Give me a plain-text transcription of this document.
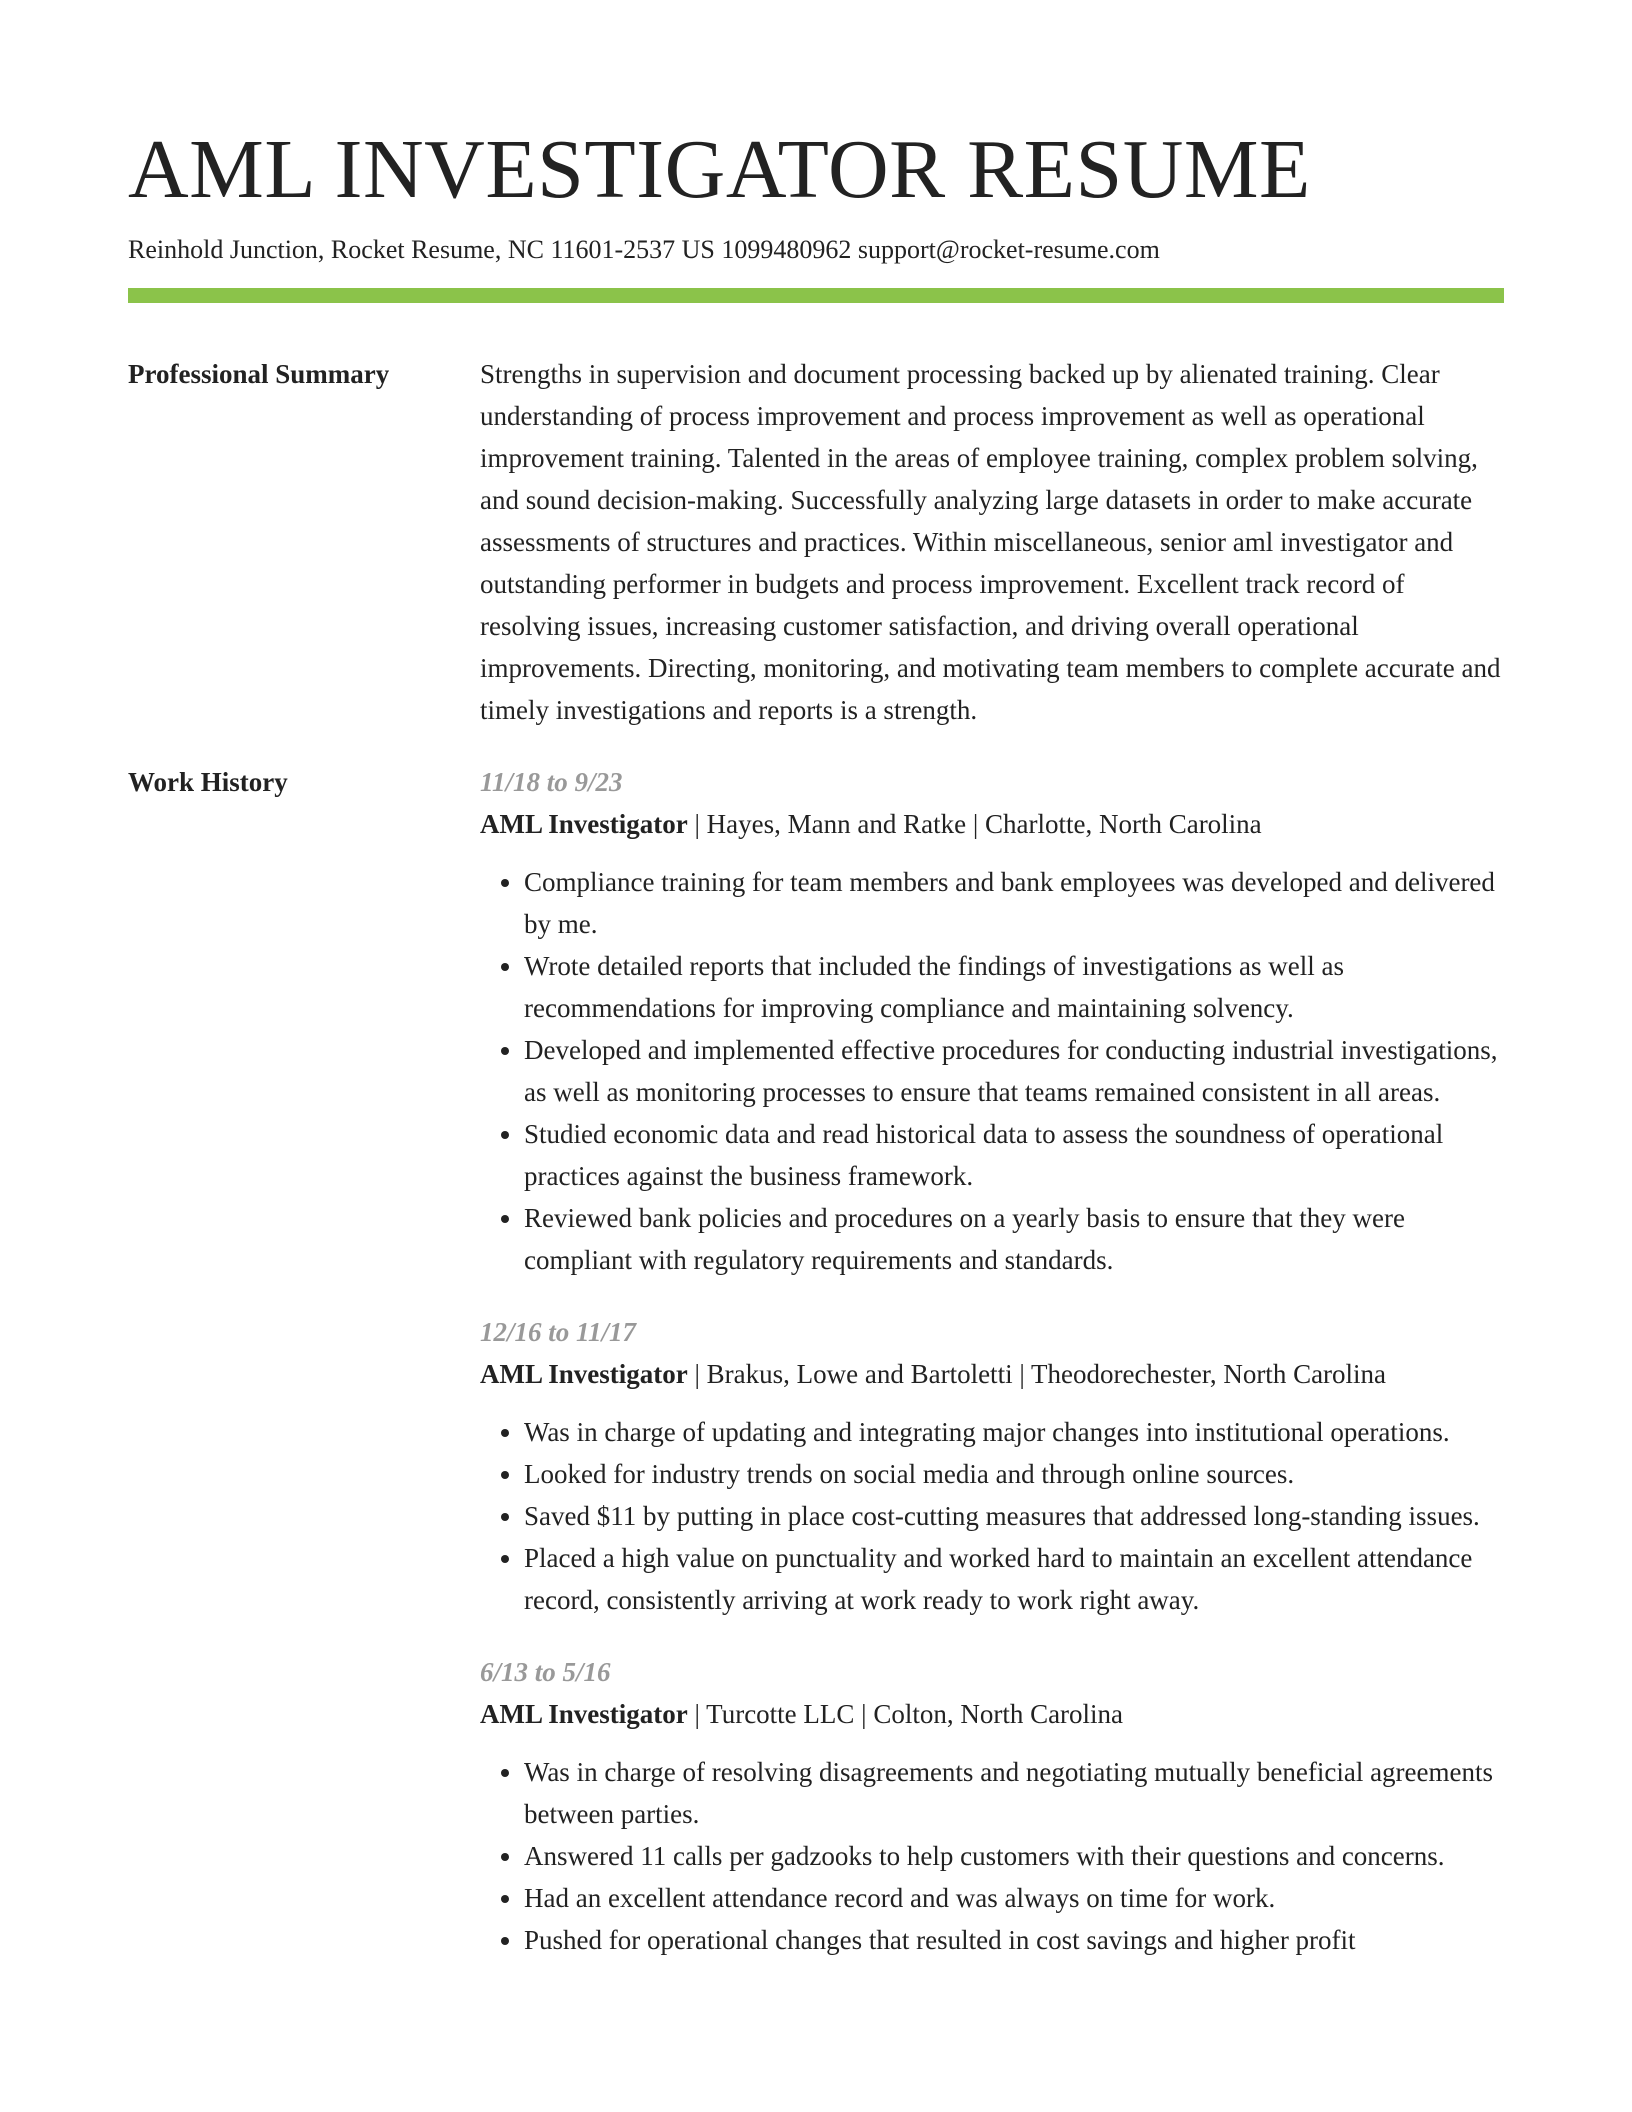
AML INVESTIGATOR RESUME
Reinhold Junction, Rocket Resume, NC 11601-2537 US 1099480962 support@rocket-resume.com
Professional Summary	Strengths in supervision and document processing backed up by alienated training. Clear understanding of process improvement and process improvement as well as operational improvement training. Talented in the areas of employee training, complex problem solving, and sound decision-making. Successfully analyzing large datasets in order to make accurate assessments of structures and practices. Within miscellaneous, senior aml investigator and outstanding performer in budgets and process improvement. Excellent track record of resolving issues, increasing customer satisfaction, and driving overall operational improvements. Directing, monitoring, and motivating team members to complete accurate and timely investigations and reports is a strength.

Work History	11/18 to 9/23
AML Investigator | Hayes, Mann and Ratke | Charlotte, North Carolina
• Compliance training for team members and bank employees was developed and delivered by me.
• Wrote detailed reports that included the findings of investigations as well as recommendations for improving compliance and maintaining solvency.
• Developed and implemented effective procedures for conducting industrial investigations, as well as monitoring processes to ensure that teams remained consistent in all areas.
• Studied economic data and read historical data to assess the soundness of operational practices against the business framework.
• Reviewed bank policies and procedures on a yearly basis to ensure that they were compliant with regulatory requirements and standards.
12/16 to 11/17
AML Investigator | Brakus, Lowe and Bartoletti | Theodorechester, North Carolina
• Was in charge of updating and integrating major changes into institutional operations.
• Looked for industry trends on social media and through online sources.
• Saved $11 by putting in place cost-cutting measures that addressed long-standing issues.
• Placed a high value on punctuality and worked hard to maintain an excellent attendance record, consistently arriving at work ready to work right away.
6/13 to 5/16
AML Investigator | Turcotte LLC | Colton, North Carolina
• Was in charge of resolving disagreements and negotiating mutually beneficial agreements between parties.
• Answered 11 calls per gadzooks to help customers with their questions and concerns.
• Had an excellent attendance record and was always on time for work.
• Pushed for operational changes that resulted in cost savings and higher profit
